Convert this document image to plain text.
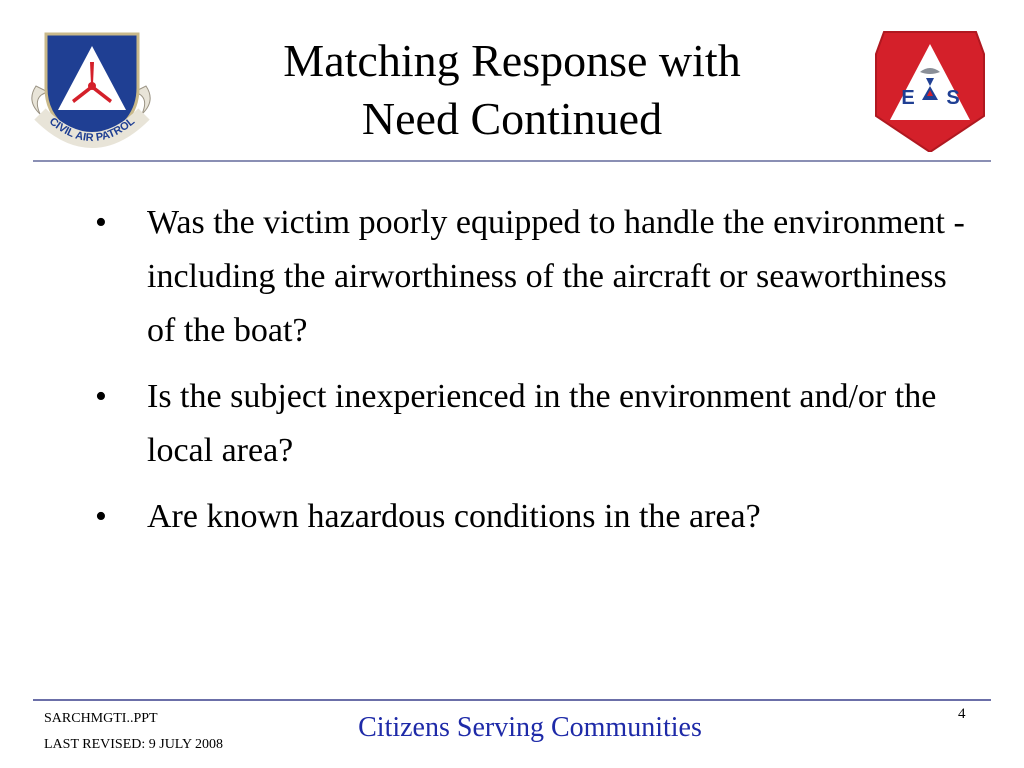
CIVIL AIR PATROL
Matching Response with
Need Continued	E S
•	Was the victim poorly equipped to handle the environment - including the airworthiness of the aircraft or seaworthiness of the boat?
•	Is the subject inexperienced in the environment and/or the local area?
•	Are known hazardous conditions in the area?
SARCHMGTI..PPT
LAST REVISED: 9 JULY 2008
Citizens Serving Communities	4
